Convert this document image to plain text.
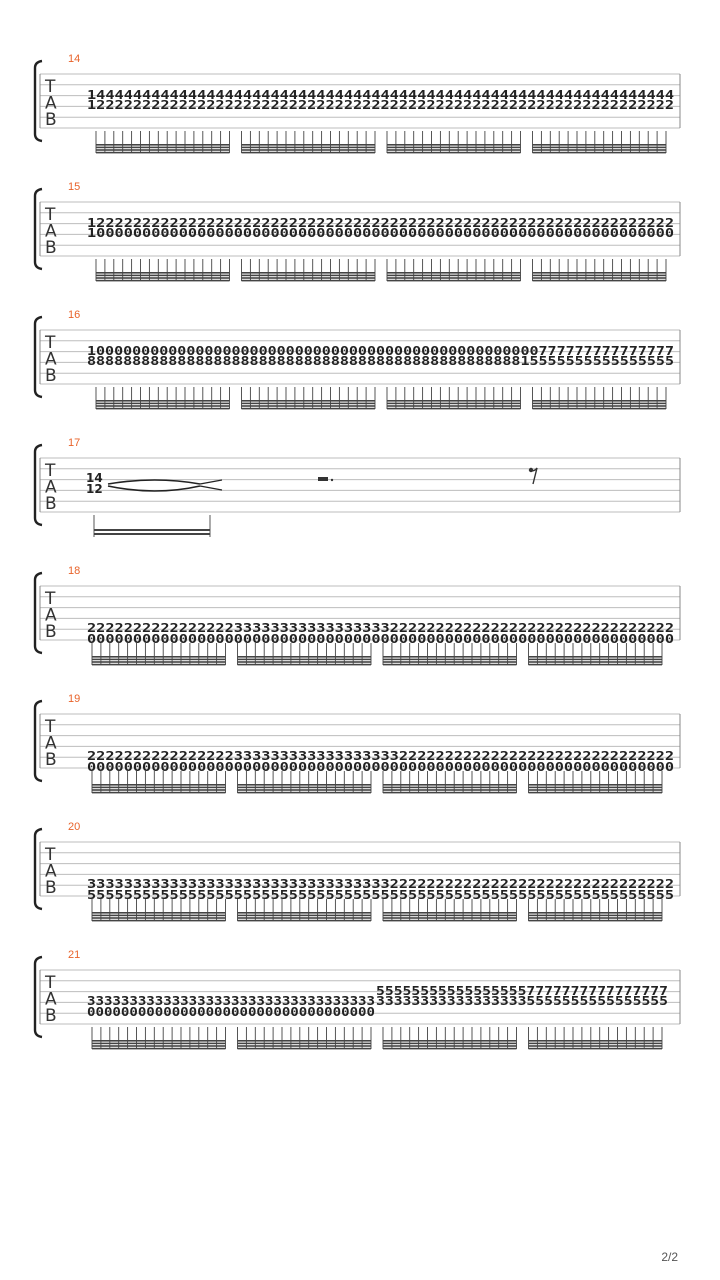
14
T
A
B
1444444444444444444444444444444444444444444444444444444444444444
1222222222222222222222222222222222222222222222222222222222222222
15
T
A
B
1222222222222222222222222222222222222222222222222222222222222222
1000000000000000000000000000000000000000000000000000000000000000
16
T
A
B
10000000000000000000000000000000000000000000000000777777777777777
88888888888888888888888888888888888888888888888815555555555555555
17
T
A
B
14
12
18
T
A
B	2222222222222222333333333333333332222222222222222222222222222222
0000000000000000000000000000000000000000000000000000000000000000
19
T
A
B	2222222222222222333333333333333333222222222222222222222222222222
0000000000000000000000000000000000000000000000000000000000000000
20
T
A
B	3333333333333333333333333333333332222222222222222222222222222222
5555555555555555555555555555555555555555555555555555555555555555
21
T
A
B
3333333333333333333333333333333333
0000000000000000000000000000000000
555555555555555557777777777777777
333333333333333335555555555555555
2/2
